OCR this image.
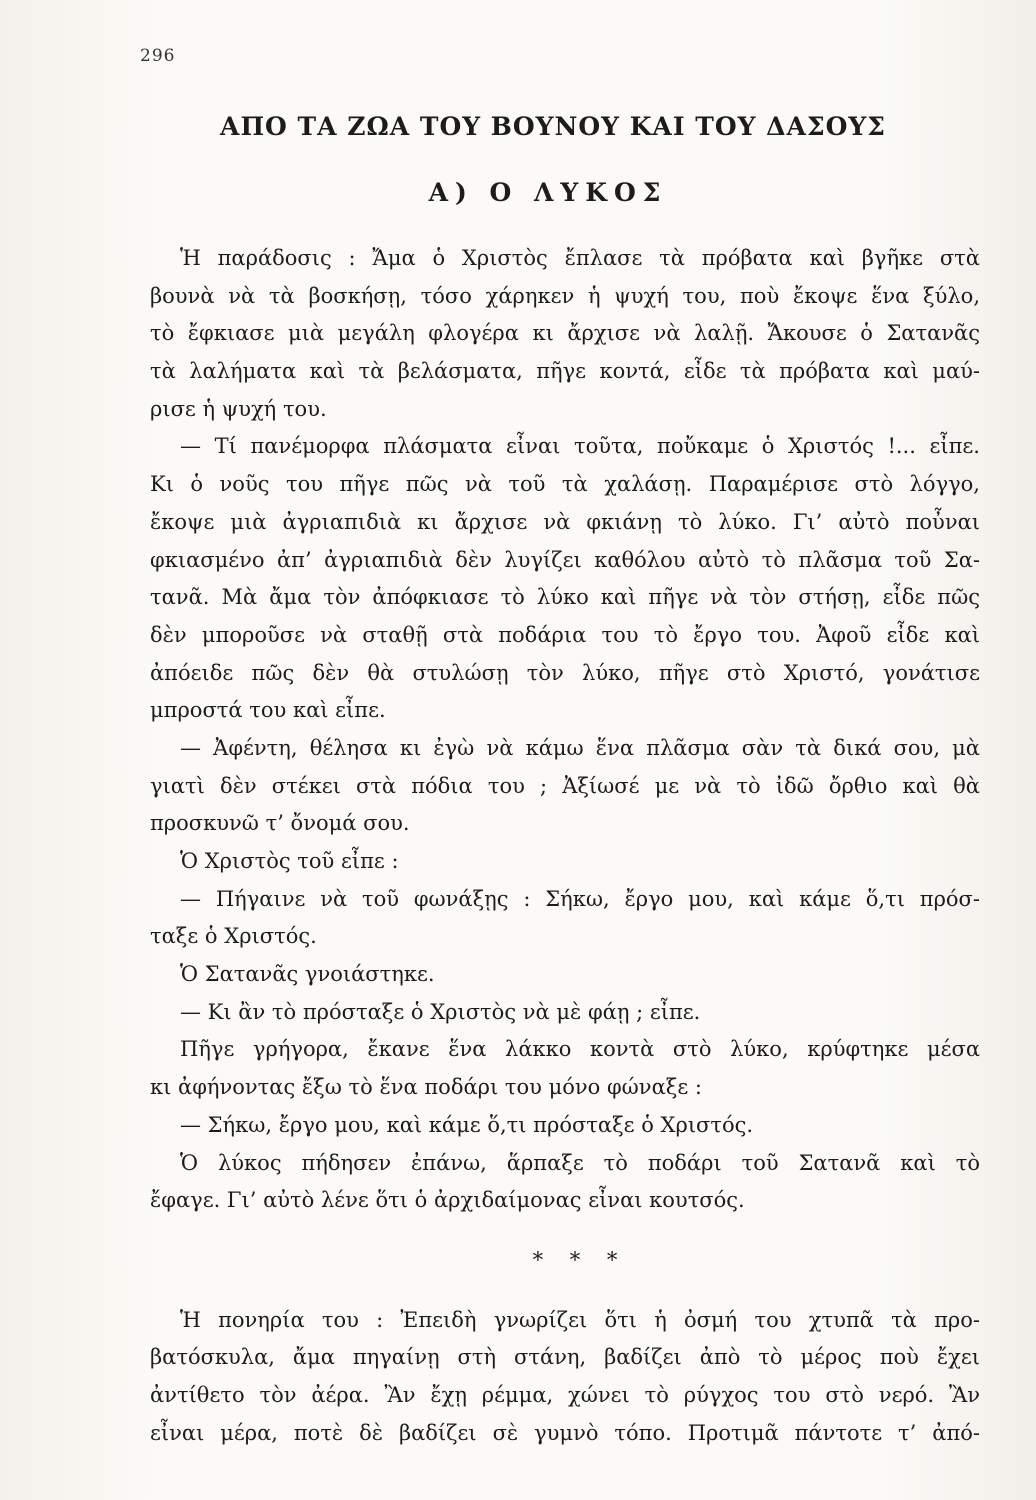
296
ΑΠΟ ΤΑ ΖΩΑ ΤΟΥ ΒΟΥΝΟΥ ΚΑΙ ΤΟΥ ΔΑΣΟΥΣ
Α) Ο ΛΥΚΟΣ
Ἡ παράδοσις : Ἄμα ὁ Χριστὸς ἔπλασε τὰ πρόβατα καὶ βγῆκε στὰ
βουνὰ νὰ τὰ βοσκήσῃ, τόσο χάρηκεν ἡ ψυχή του, ποὺ ἔκοψε ἕνα ξύλο,
τὸ ἔφκιασε μιὰ μεγάλη φλογέρα κι ἄρχισε νὰ λαλῇ. Ἄκουσε ὁ Σατανᾶς
τὰ λαλήματα καὶ τὰ βελάσματα, πῆγε κοντά, εἶδε τὰ πρόβατα καὶ μαύ-
ρισε ἡ ψυχή του.
— Τί πανέμορφα πλάσματα εἶναι τοῦτα, ποὔκαμε ὁ Χριστός !... εἶπε.
Κι ὁ νοῦς του πῆγε πῶς νὰ τοῦ τὰ χαλάσῃ. Παραμέρισε στὸ λόγγο,
ἔκοψε μιὰ ἀγριαπιδιὰ κι ἄρχισε νὰ φκιάνῃ τὸ λύκο. Γι’ αὐτὸ ποὖναι
φκιασμένο ἀπ’ ἀγριαπιδιὰ δὲν λυγίζει καθόλου αὐτὸ τὸ πλᾶσμα τοῦ Σα-
τανᾶ. Μὰ ἄμα τὸν ἀπόφκιασε τὸ λύκο καὶ πῆγε νὰ τὸν στήσῃ, εἶδε πῶς
δὲν μποροῦσε νὰ σταθῇ στὰ ποδάρια του τὸ ἔργο του. Ἀφοῦ εἶδε καὶ
ἀπόειδε πῶς δὲν θὰ στυλώσῃ τὸν λύκο, πῆγε στὸ Χριστό, γονάτισε
μπροστά του καὶ εἶπε.
— Ἀφέντη, θέλησα κι ἐγὼ νὰ κάμω ἕνα πλᾶσμα σὰν τὰ δικά σου, μὰ
γιατὶ δὲν στέκει στὰ πόδια του ; Ἀξίωσέ με νὰ τὸ ἰδῶ ὄρθιο καὶ θὰ
προσκυνῶ τ’ ὄνομά σου.
Ὁ Χριστὸς τοῦ εἶπε :
— Πήγαινε νὰ τοῦ φωνάξῃς : Σήκω, ἔργο μου, καὶ κάμε ὅ,τι πρόσ-
ταξε ὁ Χριστός.
Ὁ Σατανᾶς γνοιάστηκε.
— Κι ἂν τὸ πρόσταξε ὁ Χριστὸς νὰ μὲ φάῃ ; εἶπε.
Πῆγε γρήγορα, ἔκανε ἕνα λάκκο κοντὰ στὸ λύκο, κρύφτηκε μέσα
κι ἀφήνοντας ἔξω τὸ ἕνα ποδάρι του μόνο φώναξε :
— Σήκω, ἔργο μου, καὶ κάμε ὅ,τι πρόσταξε ὁ Χριστός.
Ὁ λύκος πήδησεν ἐπάνω, ἅρπαξε τὸ ποδάρι τοῦ Σατανᾶ καὶ τὸ
ἔφαγε. Γι’ αὐτὸ λένε ὅτι ὁ ἀρχιδαίμονας εἶναι κουτσός.
* * *
Ἡ πονηρία του : Ἐπειδὴ γνωρίζει ὅτι ἡ ὀσμή του χτυπᾶ τὰ προ-
βατόσκυλα, ἄμα πηγαίνῃ στὴ στάνη, βαδίζει ἀπὸ τὸ μέρος ποὺ ἔχει
ἀντίθετο τὸν ἀέρα. Ἂν ἔχῃ ρέμμα, χώνει τὸ ρύγχος του στὸ νερό. Ἂν
εἶναι μέρα, ποτὲ δὲ βαδίζει σὲ γυμνὸ τόπο. Προτιμᾶ πάντοτε τ’ ἀπό-
